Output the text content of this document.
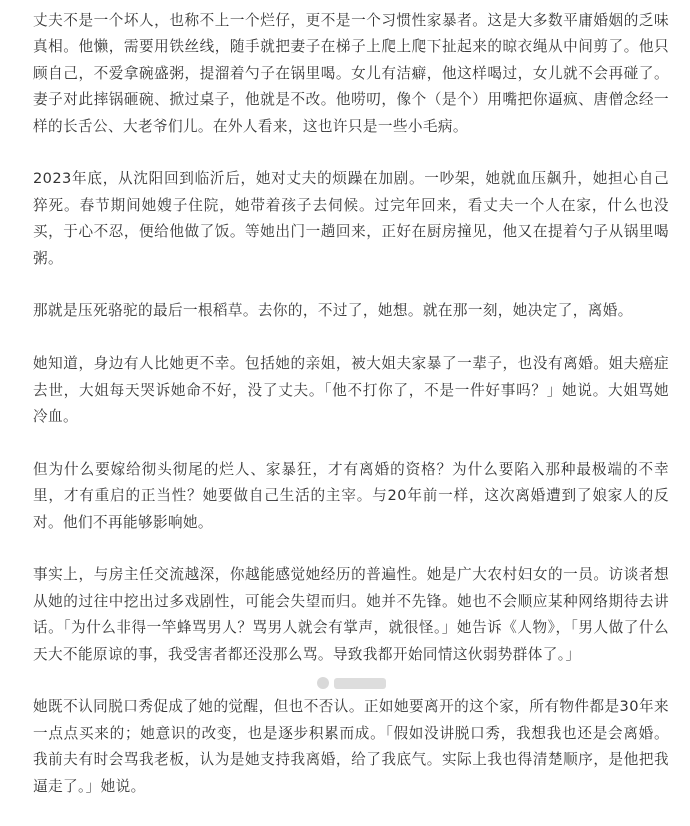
丈夫不是一个坏人，也称不上一个烂仔，更不是一个习惯性家暴者。这是大多数平庸婚姻的乏味真相。他懒，需要用铁丝线，随手就把妻子在梯子上爬上爬下扯起来的晾衣绳从中间剪了。他只顾自己，不爱拿碗盛粥，提溜着勺子在锅里喝。女儿有洁癖，他这样喝过，女儿就不会再碰了。妻子对此摔锅砸碗、掀过桌子，他就是不改。他唠叨，像个（是个）用嘴把你逼疯、唐僧念经一样的长舌公、大老爷们儿。在外人看来，这也许只是一些小毛病。

2023年底，从沈阳回到临沂后，她对丈夫的烦躁在加剧。一吵架，她就血压飙升，她担心自己猝死。春节期间她嫂子住院，她带着孩子去伺候。过完年回来，看丈夫一个人在家，什么也没买，于心不忍，便给他做了饭。等她出门一趟回来，正好在厨房撞见，他又在提着勺子从锅里喝粥。

那就是压死骆驼的最后一根稻草。去你的，不过了，她想。就在那一刻，她决定了，离婚。

她知道，身边有人比她更不幸。包括她的亲姐，被大姐夫家暴了一辈子，也没有离婚。姐夫癌症去世，大姐每天哭诉她命不好，没了丈夫。「他不打你了，不是一件好事吗？」她说。大姐骂她冷血。

但为什么要嫁给彻头彻尾的烂人、家暴狂，才有离婚的资格？为什么要陷入那种最极端的不幸里，才有重启的正当性？她要做自己生活的主宰。与20年前一样，这次离婚遭到了娘家人的反对。他们不再能够影响她。

事实上，与房主任交流越深，你越能感觉她经历的普遍性。她是广大农村妇女的一员。访谈者想从她的过往中挖出过多戏剧性，可能会失望而归。她并不先锋。她也不会顺应某种网络期待去讲话。「为什么非得一竿蜂骂男人？骂男人就会有掌声，就很怪。」她告诉《人物》，「男人做了什么天大不能原谅的事，我受害者都还没那么骂。导致我都开始同情这伙弱势群体了。」

她既不认同脱口秀促成了她的觉醒，但也不否认。正如她要离开的这个家，所有物件都是30年来一点点买来的；她意识的改变，也是逐步积累而成。「假如没讲脱口秀，我想我也还是会离婚。我前夫有时会骂我老板，认为是她支持我离婚，给了我底气。实际上我也得清楚顺序，是他把我逼走了。」她说。
